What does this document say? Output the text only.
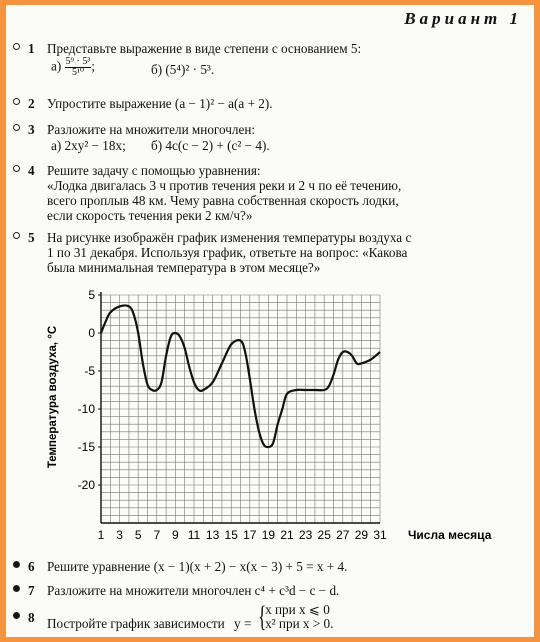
Вариант 1
1 Представьте выражение в виде степени с основанием 5:
$а) \frac{\text{5⁹ · 5³}}{\text{5¹⁰}}$ ;	б) (5⁴)² · 5³.
2 Упростите выражение (a − 1)² − a(a + 2).
3 Разложите на множители многочлен:
а) 2xy² − 18x; б) 4c(c − 2) + (c² − 4).
4 Решите задачу с помощью уравнения:
«Лодка двигалась 3 ч против течения реки и 2 ч по её течению,
всего проплыв 48 км. Чему равна собственная скорость лодки,
если скорость течения реки 2 км/ч?»
5 На рисунке изображён график изменения температуры воздуха с
1 по 31 декабря. Используя график, ответьте на вопрос: «Какова
была минимальная температура в этом месяце?»
5
0
-5
-10
-15
-20
1 3 5 7 9 11 13 15 17 19 21 23 25 27 29 31
Температура воздуха, °С
Числа месяца
6 Решите уравнение (x − 1)(x + 2) − x(x − 3) + 5 = x + 4.
7 Разложите на множители многочлен c⁴ + c³d − c − d.
8 Постройте график зависимости y = {
x при x ⩽ 0
x² при x > 0.
